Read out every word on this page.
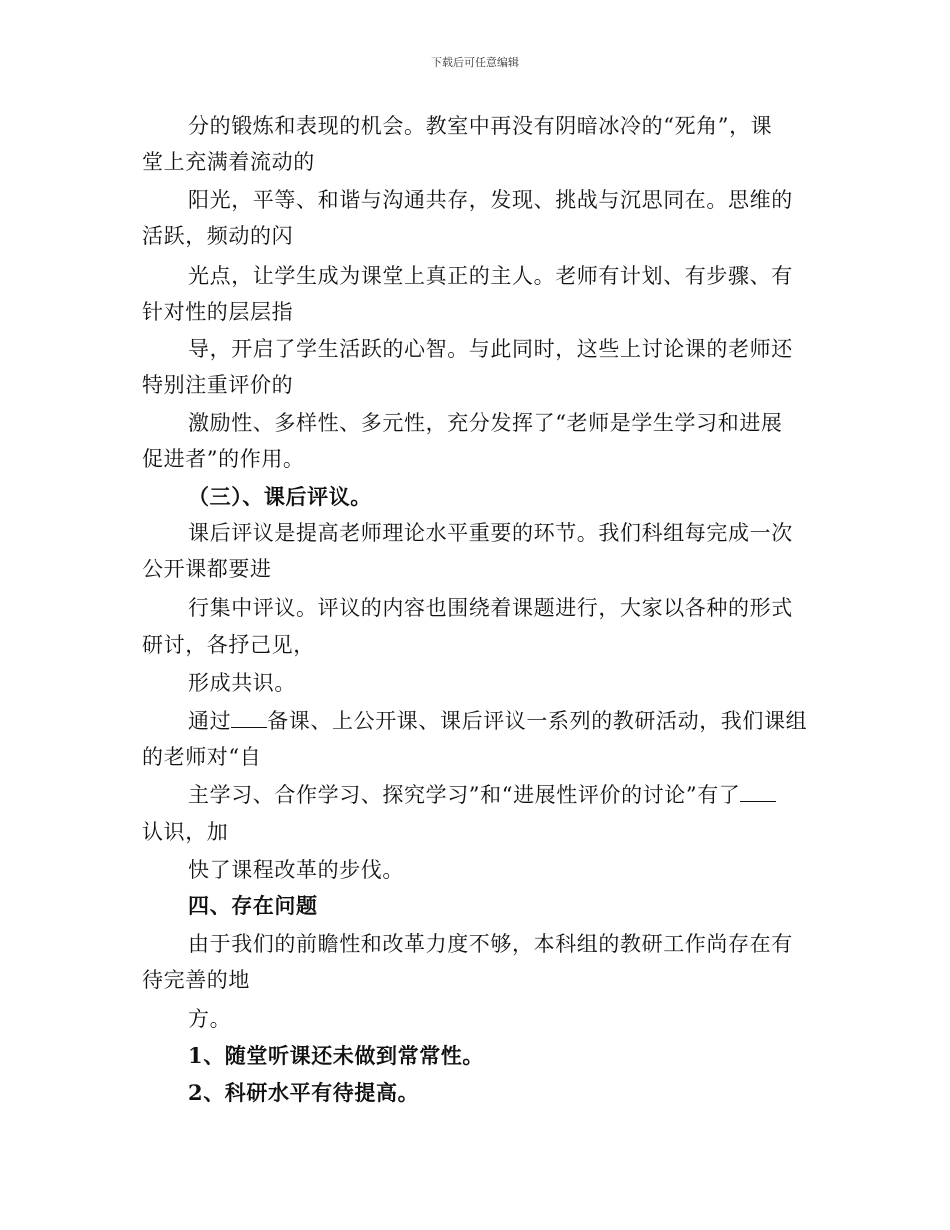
下载后可任意编辑
分的锻炼和表现的机会。教室中再没有阴暗冰冷的“死角”，课
堂上充满着流动的
阳光，平等、和谐与沟通共存，发现、挑战与沉思同在。思维的
活跃，频动的闪
光点，让学生成为课堂上真正的主人。老师有计划、有步骤、有
针对性的层层指
导，开启了学生活跃的心智。与此同时，这些上讨论课的老师还
特别注重评价的
激励性、多样性、多元性，充分发挥了“老师是学生学习和进展
促进者”的作用。
（三）、课后评议。
课后评议是提高老师理论水平重要的环节。我们科组每完成一次
公开课都要进
行集中评议。评议的内容也围绕着课题进行，大家以各种的形式
研讨，各抒己见，
形成共识。
通过 备课、上公开课、课后评议一系列的教研活动，我们课组
的老师对“自
主学习、合作学习、探究学习”和“进展性评价的讨论”有了
认识，加
快了课程改革的步伐。
四、存在问题
由于我们的前瞻性和改革力度不够，本科组的教研工作尚存在有
待完善的地
方。
1、随堂听课还未做到常常性。
2、科研水平有待提高。
